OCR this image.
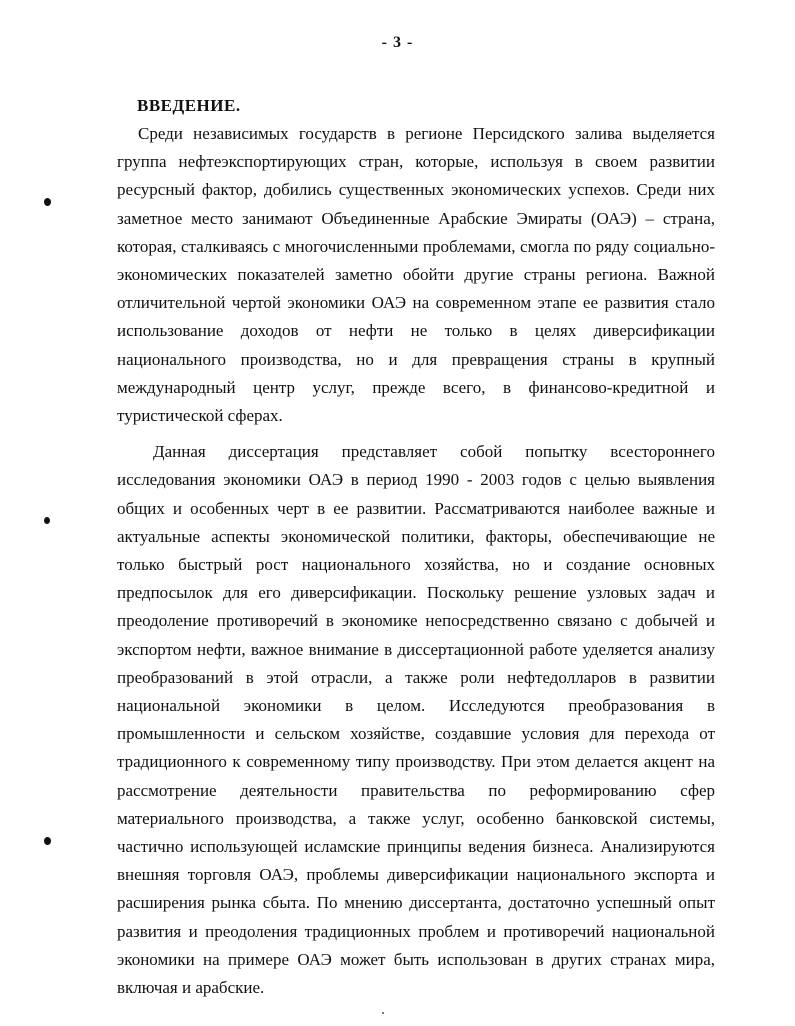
- 3 -
ВВЕДЕНИЕ.

Среди независимых государств в регионе Персидского залива выделяется группа нефтеэкспортирующих стран, которые, используя в своем развитии ресурсный фактор, добились существенных экономических успехов. Среди них заметное место занимают Объединенные Арабские Эмираты (ОАЭ) – страна, которая, сталкиваясь с многочисленными проблемами, смогла по ряду социально-экономических показателей заметно обойти другие страны региона. Важной отличительной чертой экономики ОАЭ на современном этапе ее развития стало использование доходов от нефти не только в целях диверсификации национального производства, но и для превращения страны в крупный международный центр услуг, прежде всего, в финансово-кредитной и туристической сферах.

Данная диссертация представляет собой попытку всестороннего исследования экономики ОАЭ в период 1990 - 2003 годов с целью выявления общих и особенных черт в ее развитии. Рассматриваются наиболее важные и актуальные аспекты экономической политики, факторы, обеспечивающие не только быстрый рост национального хозяйства, но и создание основных предпосылок для его диверсификации. Поскольку решение узловых задач и преодоление противоречий в экономике непосредственно связано с добычей и экспортом нефти, важное внимание в диссертационной работе уделяется анализу преобразований в этой отрасли, а также роли нефтедолларов в развитии национальной экономики в целом. Исследуются преобразования в промышленности и сельском хозяйстве, создавшие условия для перехода от традиционного к современному типу производству. При этом делается акцент на рассмотрение деятельности правительства по реформированию сфер материального производства, а также услуг, особенно банковской системы, частично использующей исламские принципы ведения бизнеса. Анализируются внешняя торговля ОАЭ, проблемы диверсификации национального экспорта и расширения рынка сбыта. По мнению диссертанта, достаточно успешный опыт развития и преодоления традиционных проблем и противоречий национальной экономики на примере ОАЭ может быть использован в других странах мира, включая и арабские.
